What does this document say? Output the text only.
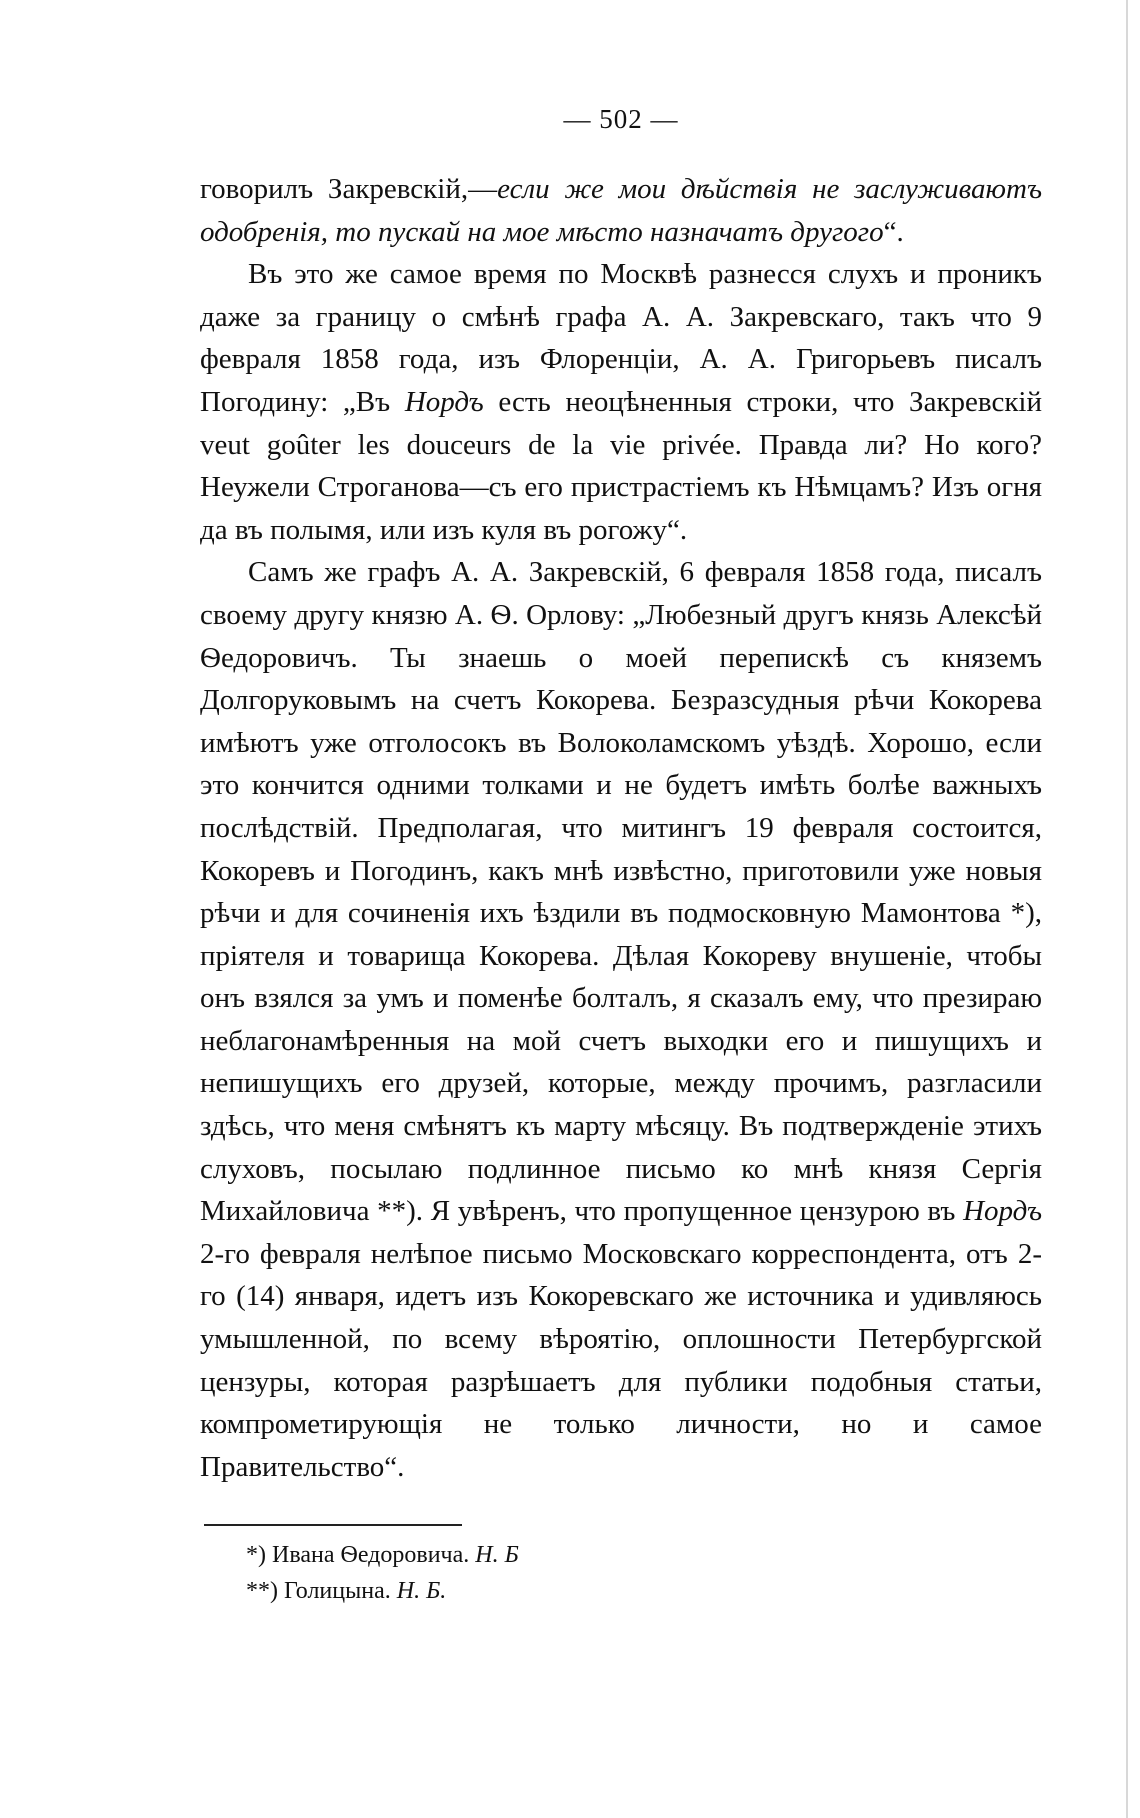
— 502 —

говорилъ Закревскій,—если же мои дѣйствія не заслуживаютъ одобренія, то пускай на мое мѣсто назначатъ другого“.

Въ это же самое время по Москвѣ разнесся слухъ и проникъ даже за границу о смѣнѣ графа А. А. Закревскаго, такъ что 9 февраля 1858 года, изъ Флоренціи, А. А. Григорьевъ писалъ Погодину: „Въ Нордъ есть неоцѣненныя строки, что Закревскій veut goûter les douceurs de la vie privée. Правда ли? Но кого? Неужели Строганова—съ его пристрастіемъ къ Нѣмцамъ? Изъ огня да въ полымя, или изъ куля въ рогожу“.

Самъ же графъ А. А. Закревскій, 6 февраля 1858 года, писалъ своему другу князю А. Ѳ. Орлову: „Любезный другъ князь Алексѣй Ѳедоровичъ. Ты знаешь о моей перепискѣ съ княземъ Долгоруковымъ на счетъ Кокорева. Безразсудныя рѣчи Кокорева имѣютъ уже отголосокъ въ Волоколамскомъ уѣздѣ. Хорошо, если это кончится одними толками и не будетъ имѣть болѣе важныхъ послѣдствій. Предполагая, что митингъ 19 февраля состоится, Кокоревъ и Погодинъ, какъ мнѣ извѣстно, приготовили уже новыя рѣчи и для сочиненія ихъ ѣздили въ подмосковную Мамонтова *), пріятеля и товарища Кокорева. Дѣлая Кокореву внушеніе, чтобы онъ взялся за умъ и поменѣе болталъ, я сказалъ ему, что презираю неблагонамѣренныя на мой счетъ выходки его и пишущихъ и непишущихъ его друзей, которые, между прочимъ, разгласили здѣсь, что меня смѣнятъ къ марту мѣсяцу. Въ подтвержденіе этихъ слуховъ, посылаю подлинное письмо ко мнѣ князя Сергія Михайловича **). Я увѣренъ, что пропущенное цензурою въ Нордъ 2-го февраля нелѣпое письмо Московскаго корреспондента, отъ 2-го (14) января, идетъ изъ Кокоревскаго же источника и удивляюсь умышленной, по всему вѣроятію, оплошности Петербургской цензуры, которая разрѣшаетъ для публики подобныя статьи, компрометирующія не только личности, но и самое Правительство“.

*) Ивана Ѳедоровича. Н. Б
**) Голицына. Н. Б.
